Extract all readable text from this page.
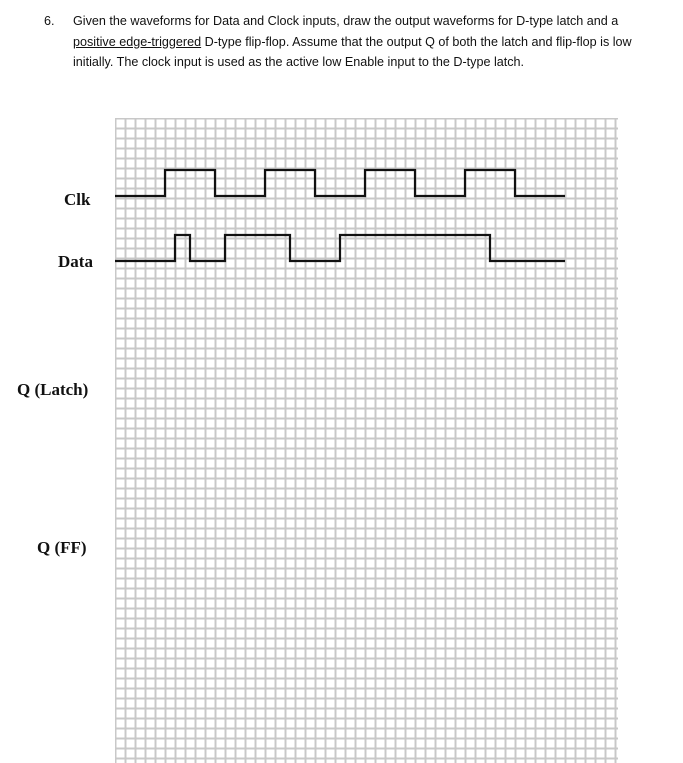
6. Given the waveforms for Data and Clock inputs, draw the output waveforms for D-type latch and a positive edge-triggered D-type flip-flop. Assume that the output Q of both the latch and flip-flop is low initially. The clock input is used as the active low Enable input to the D-type latch.
Clk
Data
Q (Latch)
Q (FF)
